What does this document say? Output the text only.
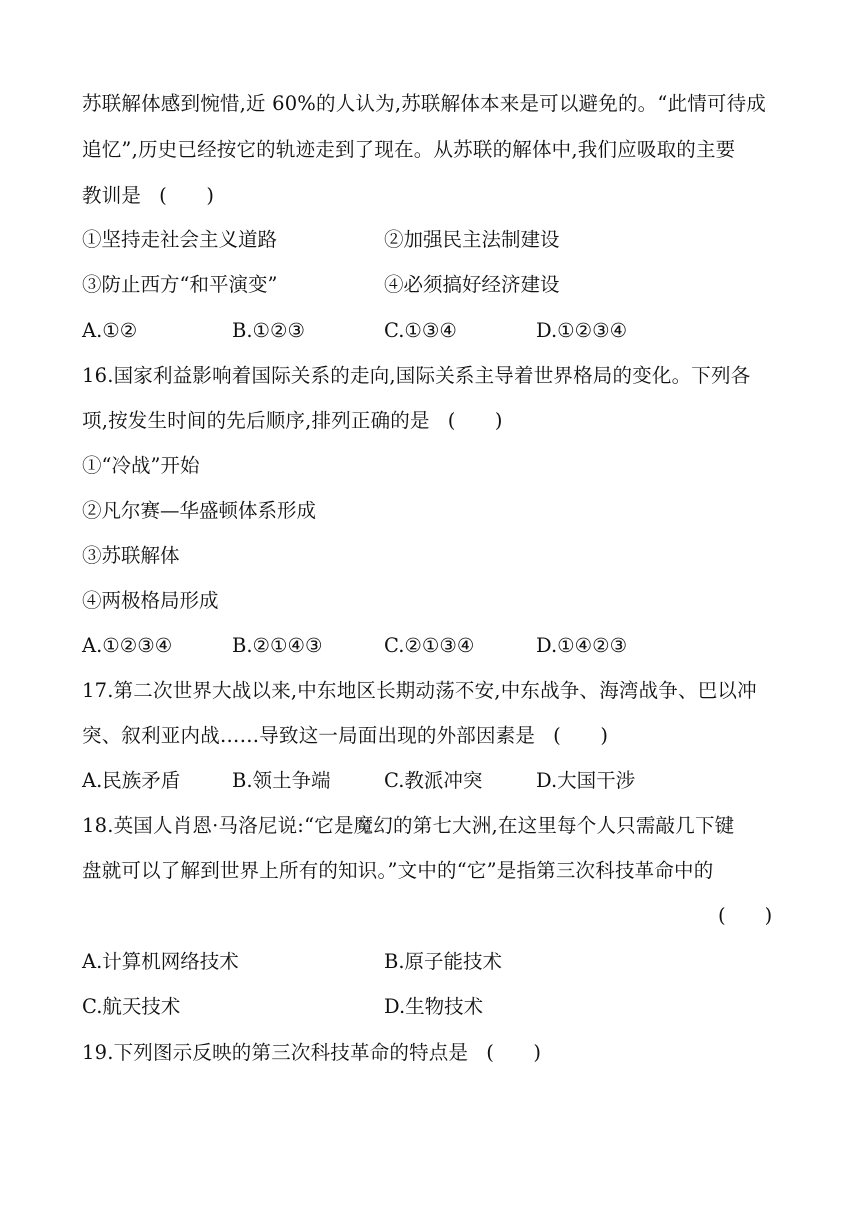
苏联解体感到惋惜,近 60%的人认为,苏联解体本来是可以避免的。“此情可待成
追忆”,历史已经按它的轨迹走到了现在。从苏联的解体中,我们应吸取的主要
教训是 (　　)
①坚持走社会主义道路	②加强民主法制建设
③防止西方“和平演变”	④必须搞好经济建设
A.①②	B.①②③	C.①③④	D.①②③④
16.国家利益影响着国际关系的走向,国际关系主导着世界格局的变化。下列各
项,按发生时间的先后顺序,排列正确的是 (　　)
①“冷战”开始
②凡尔赛—华盛顿体系形成
③苏联解体
④两极格局形成
A.①②③④	B.②①④③	C.②①③④	D.①④②③
17.第二次世界大战以来,中东地区长期动荡不安,中东战争、海湾战争、巴以冲
突、叙利亚内战……导致这一局面出现的外部因素是 (　　)
A.民族矛盾	B.领土争端	C.教派冲突	D.大国干涉
18.英国人肖恩·马洛尼说:“它是魔幻的第七大洲,在这里每个人只需敲几下键
盘就可以了解到世界上所有的知识。”文中的“它”是指第三次科技革命中的
(　　)
A.计算机网络技术	B.原子能技术
C.航天技术	D.生物技术
19.下列图示反映的第三次科技革命的特点是 (　　)
